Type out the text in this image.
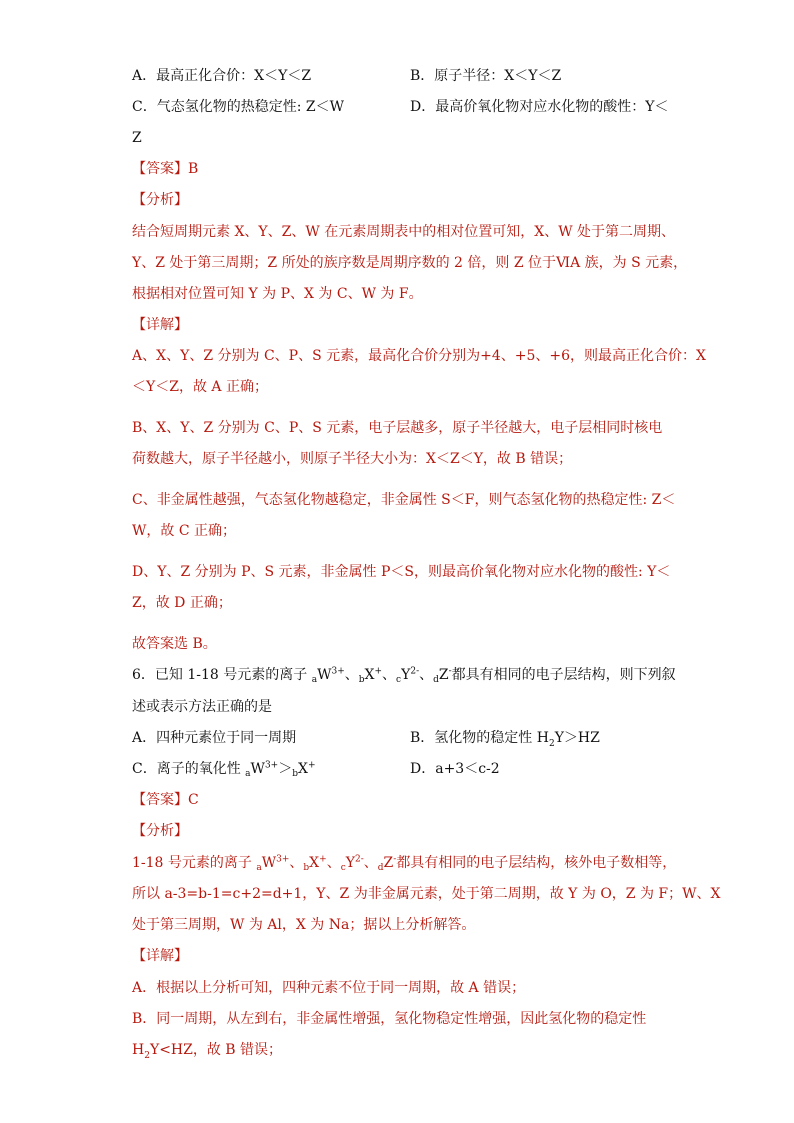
A．最高正化合价：X＜Y＜Z	B．原子半径：X＜Y＜Z
C．气态氢化物的热稳定性: Z＜W	D．最高价氧化物对应水化物的酸性：Y＜
Z
【答案】B
【分析】
结合短周期元素 X、Y、Z、W 在元素周期表中的相对位置可知，X、W 处于第二周期、
Y、Z 处于第三周期；Z 所处的族序数是周期序数的 2 倍，则 Z 位于ⅥA 族，为 S 元素，
根据相对位置可知 Y 为 P、X 为 C、W 为 F。
【详解】
A、X、Y、Z 分别为 C、P、S 元素，最高化合价分别为+4、+5、+6，则最高正化合价：X
＜Y＜Z，故 A 正确；
B、X、Y、Z 分别为 C、P、S 元素，电子层越多，原子半径越大，电子层相同时核电
荷数越大，原子半径越小，则原子半径大小为：X＜Z＜Y，故 B 错误；
C、非金属性越强，气态氢化物越稳定，非金属性 S＜F，则气态氢化物的热稳定性: Z＜
W，故 C 正确；
D、Y、Z 分别为 P、S 元素，非金属性 P＜S，则最高价氧化物对应水化物的酸性: Y＜
Z，故 D 正确；
故答案选 B。
6．已知 1-18 号元素的离子 $_aW^{3+}$、$_b$X+、$_cY^{2-}$、$_d$Z-都具有相同的电子层结构，则下列叙
述或表示方法正确的是
A．四种元素位于同一周期	B．氢化物的稳定性 $H_2Y>HZ$
C．离子的氧化性 $_aW^{3+}>_bX^+$	D．a+3＜c-2
【答案】C
【分析】
1-18 号元素的离子 $_aW^{3+}$、$_b$X+、$_cY^{2-}$、$_d$Z-都具有相同的电子层结构，核外电子数相等，
所以 a-3=b-1=c+2=d+1，Y、Z 为非金属元素，处于第二周期，故 Y 为 O，Z 为 F；W、X
处于第三周期，W 为 Al，X 为 Na；据以上分析解答。
【详解】
A．根据以上分析可知，四种元素不位于同一周期，故 A 错误；
B．同一周期，从左到右，非金属性增强，氢化物稳定性增强，因此氢化物的稳定性
$H_2Y<HZ$，故 B 错误；
